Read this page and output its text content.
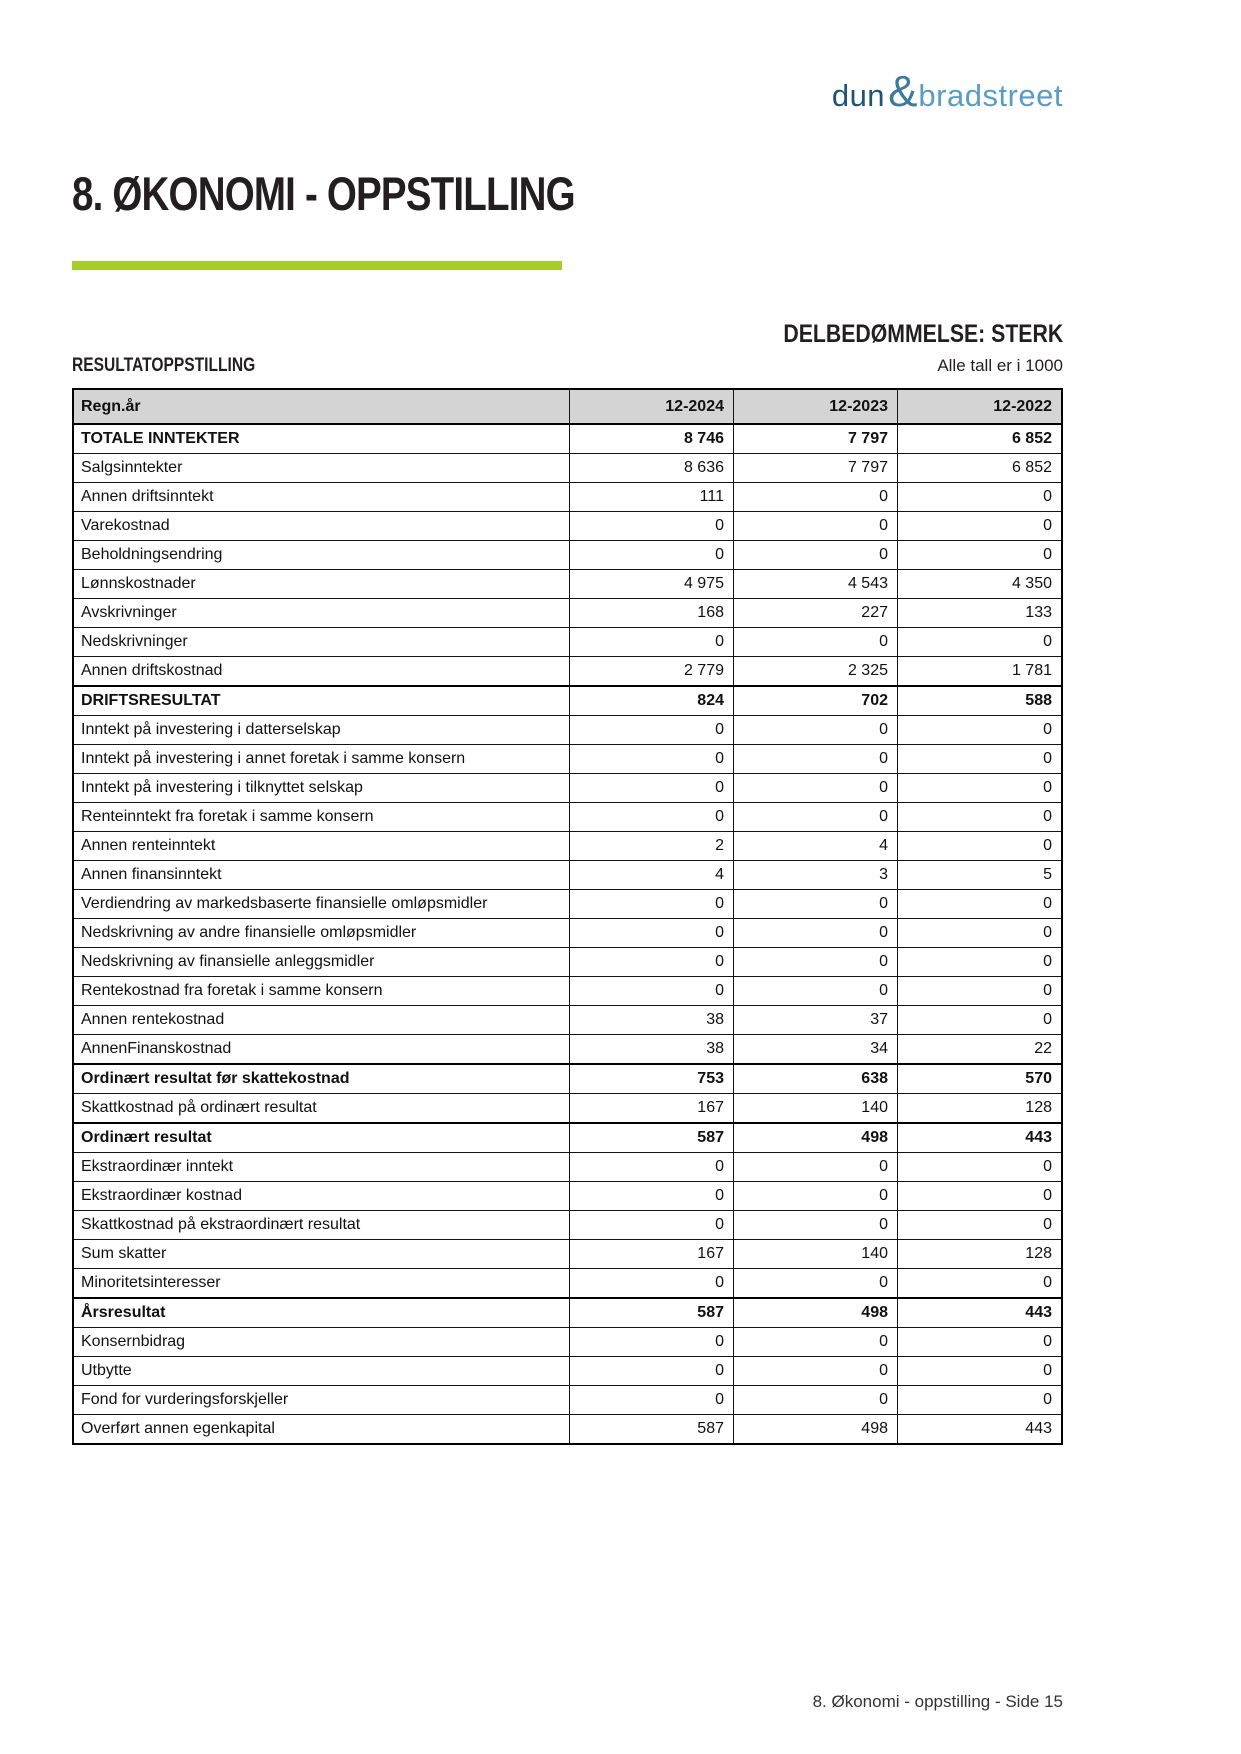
dun & bradstreet
8. ØKONOMI - OPPSTILLING
DELBEDØMMELSE: STERK
RESULTATOPPSTILLING	Alle tall er i 1000
Regn.år	12-2024	12-2023	12-2022
TOTALE INNTEKTER	8 746	7 797	6 852
Salgsinntekter	8 636	7 797	6 852
Annen driftsinntekt	111	0	0
Varekostnad	0	0	0
Beholdningsendring	0	0	0
Lønnskostnader	4 975	4 543	4 350
Avskrivninger	168	227	133
Nedskrivninger	0	0	0
Annen driftskostnad	2 779	2 325	1 781
DRIFTSRESULTAT	824	702	588
Inntekt på investering i datterselskap	0	0	0
Inntekt på investering i annet foretak i samme konsern	0	0	0
Inntekt på investering i tilknyttet selskap	0	0	0
Renteinntekt fra foretak i samme konsern	0	0	0
Annen renteinntekt	2	4	0
Annen finansinntekt	4	3	5
Verdiendring av markedsbaserte finansielle omløpsmidler	0	0	0
Nedskrivning av andre finansielle omløpsmidler	0	0	0
Nedskrivning av finansielle anleggsmidler	0	0	0
Rentekostnad fra foretak i samme konsern	0	0	0
Annen rentekostnad	38	37	0
AnnenFinanskostnad	38	34	22
Ordinært resultat før skattekostnad	753	638	570
Skattkostnad på ordinært resultat	167	140	128
Ordinært resultat	587	498	443
Ekstraordinær inntekt	0	0	0
Ekstraordinær kostnad	0	0	0
Skattkostnad på ekstraordinært resultat	0	0	0
Sum skatter	167	140	128
Minoritetsinteresser	0	0	0
Årsresultat	587	498	443
Konsernbidrag	0	0	0
Utbytte	0	0	0
Fond for vurderingsforskjeller	0	0	0
Overført annen egenkapital	587	498	443
8. Økonomi - oppstilling - Side 15
